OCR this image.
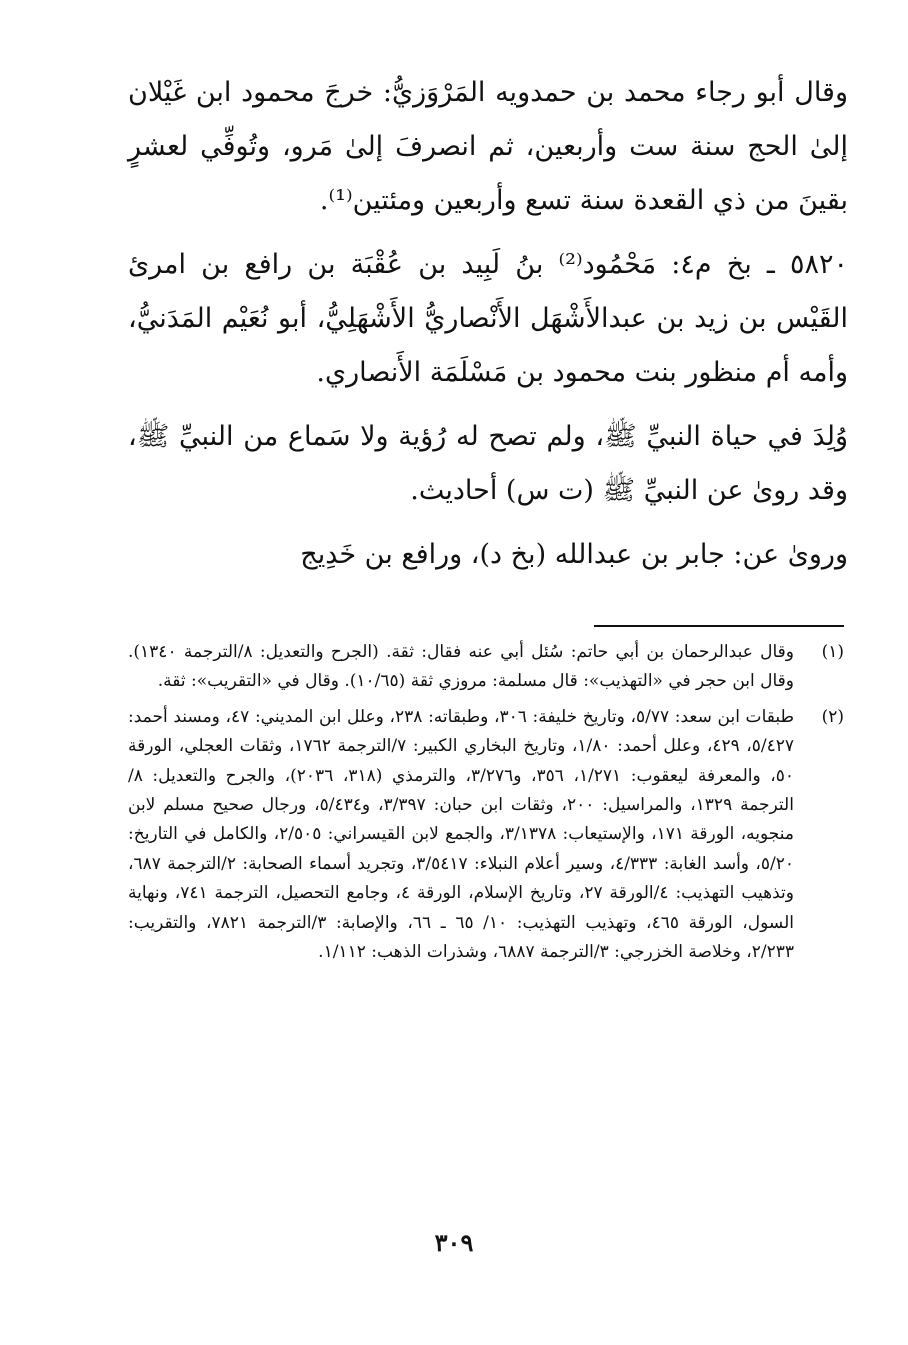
وقال أبو رجاء محمد بن حمدويه المَرْوَزيُّ: خرجَ محمود ابن غَيْلان إلىٰ الحج سنة ست وأربعين، ثم انصرفَ إلىٰ مَرو، وتُوفِّي لعشرٍ بقينَ من ذي القعدة سنة تسع وأربعين ومئتين⁽¹⁾.

٥٨٢٠ ـ بخ م٤: مَحْمُود⁽²⁾ بنُ لَبِيد بن عُقْبَة بن رافع بن امرئ القَيْس بن زيد بن عبدالأَشْهَل الأَنْصاريُّ الأَشْهَلِيُّ، أبو نُعَيْم المَدَنيُّ، وأمه أم منظور بنت محمود بن مَسْلَمَة الأَنصاري.

وُلِدَ في حياة النبيِّ ﷺ، ولم تصح له رُؤية ولا سَماع من النبيِّ ﷺ، وقد روىٰ عن النبيِّ ﷺ (ت س) أحاديث.

وروىٰ عن: جابر بن عبدالله (بخ د)، ورافع بن خَدِيج

(١)
وقال عبدالرحمان بن أبي حاتم: سُئل أبي عنه فقال: ثقة. (الجرح والتعديل: ٨/الترجمة ١٣٤٠). وقال ابن حجر في «التهذيب»: قال مسلمة: مروزي ثقة (١٠/٦٥). وقال في «التقريب»: ثقة.
(٢)
طبقات ابن سعد: ٥/٧٧، وتاريخ خليفة: ٣٠٦، وطبقاته: ٢٣٨، وعلل ابن المديني: ٤٧، ومسند أحمد: ٥/٤٢٧، ٤٢٩، وعلل أحمد: ١/٨٠، وتاريخ البخاري الكبير: ٧/الترجمة ١٧٦٢، وثقات العجلي، الورقة ٥٠، والمعرفة ليعقوب: ١/٢٧١، ٣٥٦، و٣/٢٧٦، والترمذي (٣١٨، ٢٠٣٦)، والجرح والتعديل: ٨/الترجمة ١٣٢٩، والمراسيل: ٢٠٠، وثقات ابن حبان: ٣/٣٩٧، و٥/٤٣٤، ورجال صحيح مسلم لابن منجويه، الورقة ١٧١، والإستيعاب: ٣/١٣٧٨، والجمع لابن القيسراني: ٢/٥٠٥، والكامل في التاريخ: ٥/٢٠، وأسد الغابة: ٤/٣٣٣، وسير أعلام النبلاء: ٣/٥٤١٧، وتجريد أسماء الصحابة: ٢/الترجمة ٦٨٧، وتذهيب التهذيب: ٤/الورقة ٢٧، وتاريخ الإسلام، الورقة ٤، وجامع التحصيل، الترجمة ٧٤١، ونهاية السول، الورقة ٤٦٥، وتهذيب التهذيب: ١٠/ ٦٥ ـ ٦٦، والإصابة: ٣/الترجمة ٧٨٢١، والتقريب: ٢/٢٣٣، وخلاصة الخزرجي: ٣/الترجمة ٦٨٨٧، وشذرات الذهب: ١/١١٢.
٣٠٩
